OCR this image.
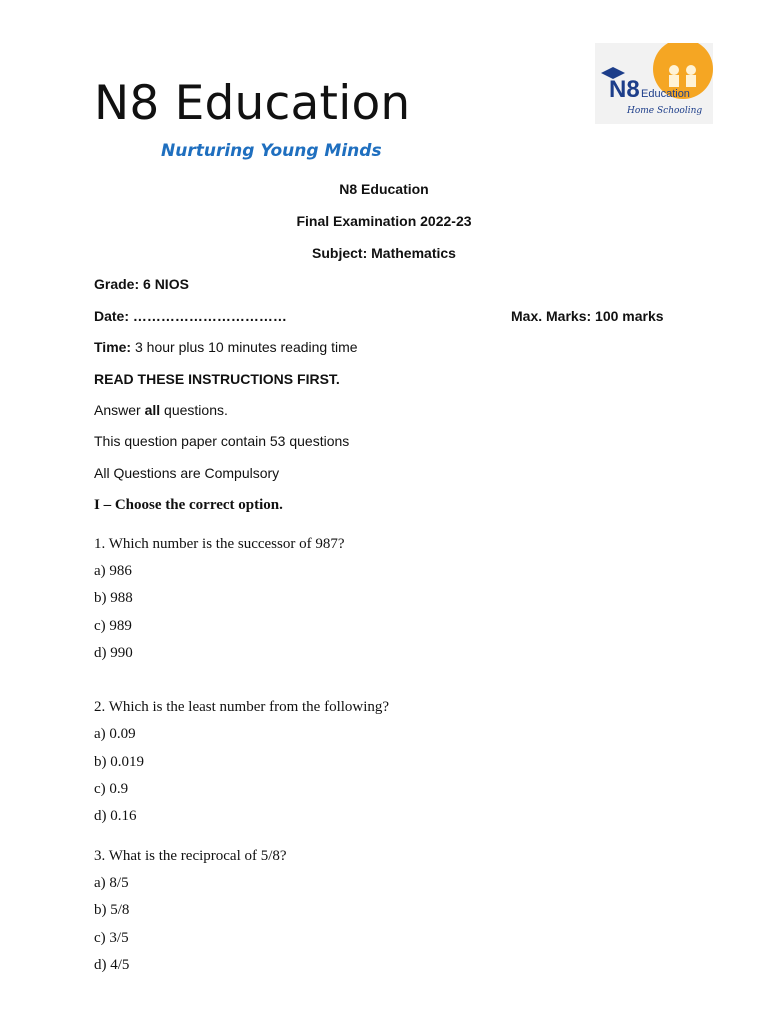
N8 Education
Nurturing Young Minds
N8 Education
Home Schooling
N8 Education
Final Examination 2022-23
Subject: Mathematics
Grade: 6 NIOS
Date: ……………………………	Max. Marks: 100 marks
Time: 3 hour plus 10 minutes reading time
READ THESE INSTRUCTIONS FIRST.
Answer all questions.
This question paper contain 53 questions
All Questions are Compulsory
I – Choose the correct option.
1. Which number is the successor of 987?
a) 986
b) 988
c) 989
d) 990
2. Which is the least number from the following?
a) 0.09
b) 0.019
c) 0.9
d) 0.16
3. What is the reciprocal of 5/8?
a) 8/5
b) 5/8
c) 3/5
d) 4/5
